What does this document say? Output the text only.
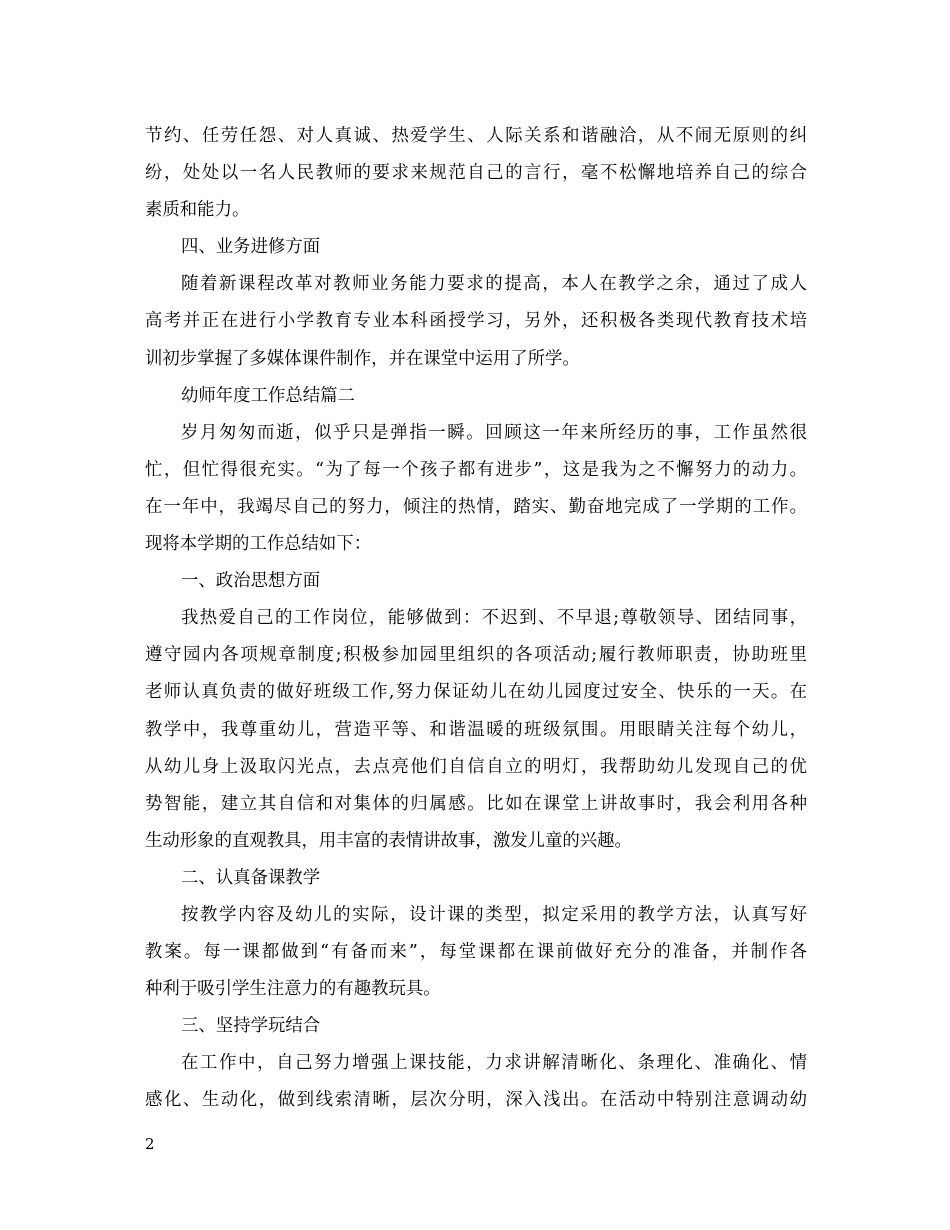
节约、任劳任怨、对人真诚、热爱学生、人际关系和谐融洽，从不闹无原则的纠
纷，处处以一名人民教师的要求来规范自己的言行，毫不松懈地培养自己的综合
素质和能力。
四、业务进修方面
随着新课程改革对教师业务能力要求的提高，本人在教学之余，通过了成人
高考并正在进行小学教育专业本科函授学习，另外，还积极各类现代教育技术培
训初步掌握了多媒体课件制作，并在课堂中运用了所学。
幼师年度工作总结篇二
岁月匆匆而逝，似乎只是弹指一瞬。回顾这一年来所经历的事，工作虽然很
忙，但忙得很充实。“为了每一个孩子都有进步”，这是我为之不懈努力的动力。
在一年中，我竭尽自己的努力，倾注的热情，踏实、勤奋地完成了一学期的工作。
现将本学期的工作总结如下：
一、政治思想方面
我热爱自己的工作岗位，能够做到：不迟到、不早退;尊敬领导、团结同事，
遵守园内各项规章制度;积极参加园里组织的各项活动;履行教师职责，协助班里
老师认真负责的做好班级工作,努力保证幼儿在幼儿园度过安全、快乐的一天。在
教学中，我尊重幼儿，营造平等、和谐温暖的班级氛围。用眼睛关注每个幼儿，
从幼儿身上汲取闪光点，去点亮他们自信自立的明灯，我帮助幼儿发现自己的优
势智能，建立其自信和对集体的归属感。比如在课堂上讲故事时，我会利用各种
生动形象的直观教具，用丰富的表情讲故事，激发儿童的兴趣。
二、认真备课教学
按教学内容及幼儿的实际，设计课的类型，拟定采用的教学方法，认真写好
教案。每一课都做到“有备而来”，每堂课都在课前做好充分的准备，并制作各
种利于吸引学生注意力的有趣教玩具。
三、坚持学玩结合
在工作中，自己努力增强上课技能，力求讲解清晰化、条理化、准确化、情
感化、生动化，做到线索清晰，层次分明，深入浅出。在活动中特别注意调动幼
2
